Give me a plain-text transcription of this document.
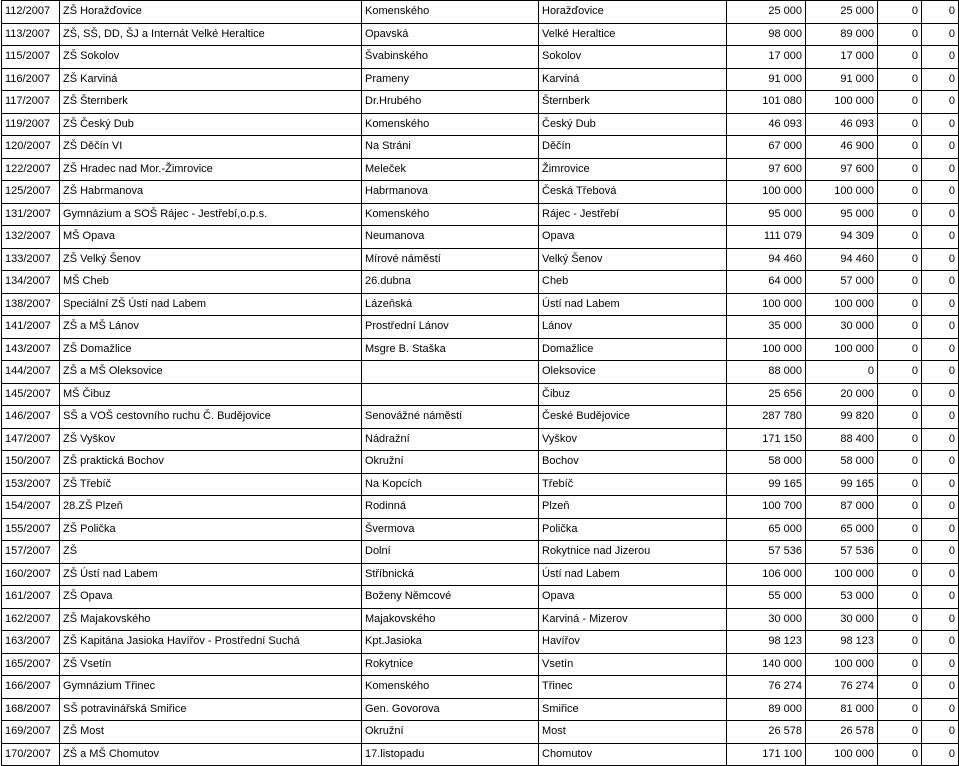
112/2007	ZŠ Horažďovice	Komenského	Horažďovice	25 000	25 000	0	0
113/2007	ZŠ, SŠ, DD, ŠJ a Internát Velké Heraltice	Opavská	Velké Heraltice	98 000	89 000	0	0
115/2007	ZŠ Sokolov	Švabinského	Sokolov	17 000	17 000	0	0
116/2007	ZŠ Karviná	Prameny	Karviná	91 000	91 000	0	0
117/2007	ZŠ Šternberk	Dr.Hrubého	Šternberk	101 080	100 000	0	0
119/2007	ZŠ Český Dub	Komenského	Český Dub	46 093	46 093	0	0
120/2007	ZŠ Děčín VI	Na Stráni	Děčín	67 000	46 900	0	0
122/2007	ZŠ Hradec nad Mor.-Žimrovice	Meleček	Žimrovice	97 600	97 600	0	0
125/2007	ZŠ Habrmanova	Habrmanova	Česká Třebová	100 000	100 000	0	0
131/2007	Gymnázium a SOŠ Rájec - Jestřebí,o.p.s.	Komenského	Rájec - Jestřebí	95 000	95 000	0	0
132/2007	MŠ Opava	Neumanova	Opava	111 079	94 309	0	0
133/2007	ZŠ Velký Šenov	Mírové náměstí	Velký Šenov	94 460	94 460	0	0
134/2007	MŠ Cheb	26.dubna	Cheb	64 000	57 000	0	0
138/2007	Speciální ZŠ Ústí nad Labem	Lázeňská	Ústí nad Labem	100 000	100 000	0	0
141/2007	ZŠ a MŠ Lánov	Prostřední Lánov	Lánov	35 000	30 000	0	0
143/2007	ZŠ Domažlice	Msgre B. Staška	Domažlice	100 000	100 000	0	0
144/2007	ZŠ a MŠ Oleksovice		Oleksovice	88 000	0	0	0
145/2007	MŠ Čibuz		Čibuz	25 656	20 000	0	0
146/2007	SŠ a VOŠ cestovního ruchu Č. Budějovice	Senovážné náměstí	České Budějovice	287 780	99 820	0	0
147/2007	ZŠ Vyškov	Nádražní	Vyškov	171 150	88 400	0	0
150/2007	ZŠ praktická Bochov	Okružní	Bochov	58 000	58 000	0	0
153/2007	ZŠ Třebíč	Na Kopcích	Třebíč	99 165	99 165	0	0
154/2007	28.ZŠ Plzeň	Rodinná	Plzeň	100 700	87 000	0	0
155/2007	ZŠ Polička	Švermova	Polička	65 000	65 000	0	0
157/2007	ZŠ	Dolní	Rokytnice nad Jizerou	57 536	57 536	0	0
160/2007	ZŠ Ústí nad Labem	Stříbnická	Ústí nad Labem	106 000	100 000	0	0
161/2007	ZŠ Opava	Boženy Němcové	Opava	55 000	53 000	0	0
162/2007	ZŠ Majakovského	Majakovského	Karviná - Mizerov	30 000	30 000	0	0
163/2007	ZŠ Kapitána Jasioka Havířov - Prostřední Suchá	Kpt.Jasioka	Havířov	98 123	98 123	0	0
165/2007	ZŠ Vsetín	Rokytnice	Vsetín	140 000	100 000	0	0
166/2007	Gymnázium Třinec	Komenského	Třinec	76 274	76 274	0	0
168/2007	SŠ potravinářská Smiřice	Gen. Govorova	Smiřice	89 000	81 000	0	0
169/2007	ZŠ Most	Okružní	Most	26 578	26 578	0	0
170/2007	ZŠ a MŠ Chomutov	17.listopadu	Chomutov	171 100	100 000	0	0
